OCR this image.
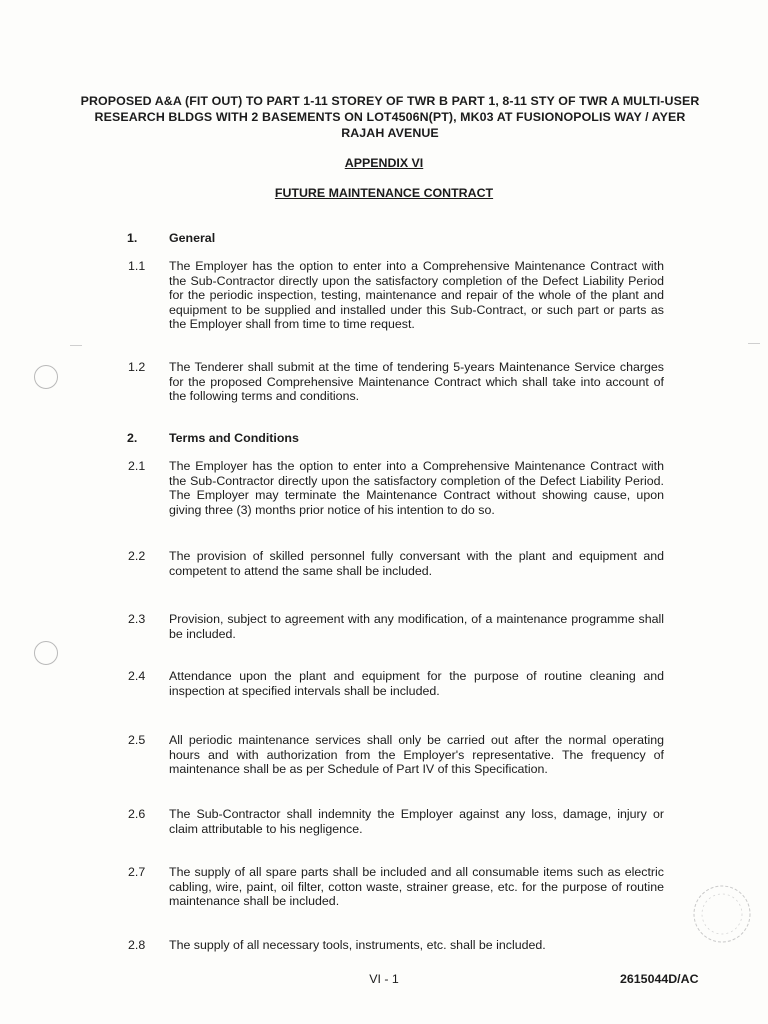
PROPOSED A&A (FIT OUT) TO PART 1-11 STOREY OF TWR B PART 1, 8-11 STY OF TWR A MULTI-USER RESEARCH BLDGS WITH 2 BASEMENTS ON LOT4506N(PT), MK03 AT FUSIONOPOLIS WAY / AYER RAJAH AVENUE
APPENDIX VI
FUTURE MAINTENANCE CONTRACT
1.	General
1.1 The Employer has the option to enter into a Comprehensive Maintenance Contract with the Sub-Contractor directly upon the satisfactory completion of the Defect Liability Period for the periodic inspection, testing, maintenance and repair of the whole of the plant and equipment to be supplied and installed under this Sub-Contract, or such part or parts as the Employer shall from time to time request.
1.2 The Tenderer shall submit at the time of tendering 5-years Maintenance Service charges for the proposed Comprehensive Maintenance Contract which shall take into account of the following terms and conditions.
2.	Terms and Conditions
2.1 The Employer has the option to enter into a Comprehensive Maintenance Contract with the Sub-Contractor directly upon the satisfactory completion of the Defect Liability Period. The Employer may terminate the Maintenance Contract without showing cause, upon giving three (3) months prior notice of his intention to do so.
2.2 The provision of skilled personnel fully conversant with the plant and equipment and competent to attend the same shall be included.
2.3 Provision, subject to agreement with any modification, of a maintenance programme shall be included.
2.4 Attendance upon the plant and equipment for the purpose of routine cleaning and inspection at specified intervals shall be included.
2.5 All periodic maintenance services shall only be carried out after the normal operating hours and with authorization from the Employer's representative. The frequency of maintenance shall be as per Schedule of Part IV of this Specification.
2.6 The Sub-Contractor shall indemnity the Employer against any loss, damage, injury or claim attributable to his negligence.
2.7 The supply of all spare parts shall be included and all consumable items such as electric cabling, wire, paint, oil filter, cotton waste, strainer grease, etc. for the purpose of routine maintenance shall be included.
2.8 The supply of all necessary tools, instruments, etc. shall be included.
VI - 1	2615044D/AC
